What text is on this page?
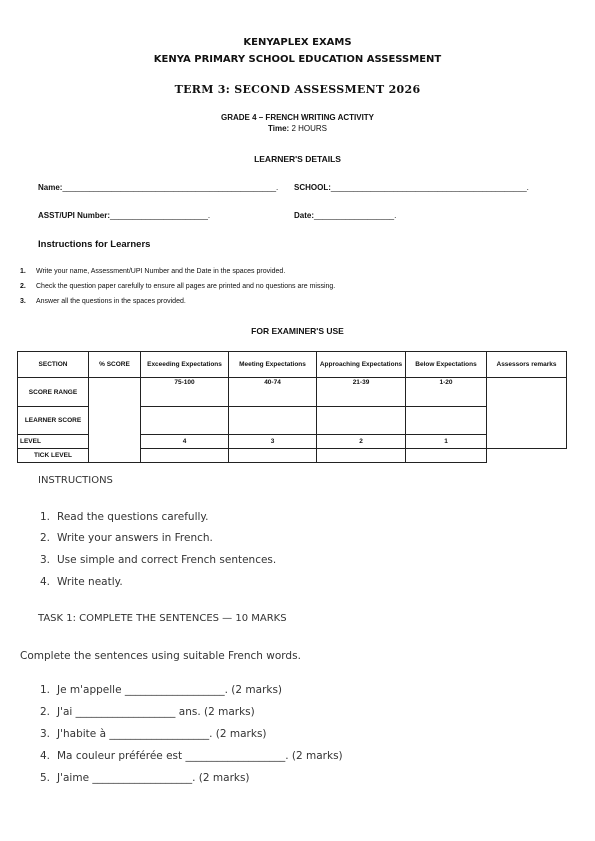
KENYAPLEX EXAMS
KENYA PRIMARY SCHOOL EDUCATION ASSESSMENT
TERM 3: SECOND ASSESSMENT 2026
GRADE 4 – FRENCH WRITING ACTIVITY
Time: 2 HOURS
LEARNER'S DETAILS
Name:________________________________________________. SCHOOL:____________________________________________.
ASST/UPI Number:______________________.	Date:__________________.
Instructions for Learners
1. Write your name, Assessment/UPI Number and the Date in the spaces provided.
2. Check the question paper carefully to ensure all pages are printed and no questions are missing.
3. Answer all the questions in the spaces provided.
FOR EXAMINER'S USE
SECTION	% SCORE	Exceeding Expectations	Meeting Expectations	Approaching Expectations	Below Expectations	Assessors remarks
SCORE RANGE		75-100	40-74	21-39	1-20	
LEARNER SCORE						
LEVEL		4	3	2	1	
TICK LEVEL						
INSTRUCTIONS
1. Read the questions carefully.
2. Write your answers in French.
3. Use simple and correct French sentences.
4. Write neatly.
TASK 1: COMPLETE THE SENTENCES — 10 MARKS
Complete the sentences using suitable French words.
1. Je m'appelle ___________________. (2 marks)
2. J'ai ___________________ ans. (2 marks)
3. J'habite à ___________________. (2 marks)
4. Ma couleur préférée est ___________________. (2 marks)
5. J'aime ___________________. (2 marks)
